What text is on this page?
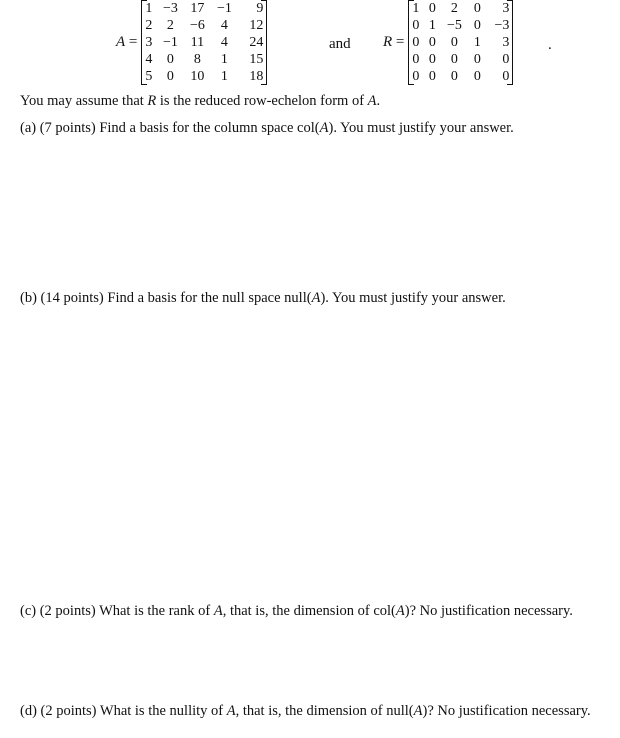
A =
1	−3	17	−1	9
2	2	−6	4	12
3	−1	11	4	24
4	0	8	1	15
5	0	10	1	18
and R =
1	0	2	0	3
0	1	−5	0	−3
0	0	0	1	3
0	0	0	0	0
0	0	0	0	0
.
You may assume that R is the reduced row-echelon form of A.
(a) (7 points) Find a basis for the column space col(A). You must justify your answer.
(b) (14 points) Find a basis for the null space null(A). You must justify your answer.
(c) (2 points) What is the rank of A, that is, the dimension of col(A)? No justification necessary.
(d) (2 points) What is the nullity of A, that is, the dimension of null(A)? No justification necessary.
